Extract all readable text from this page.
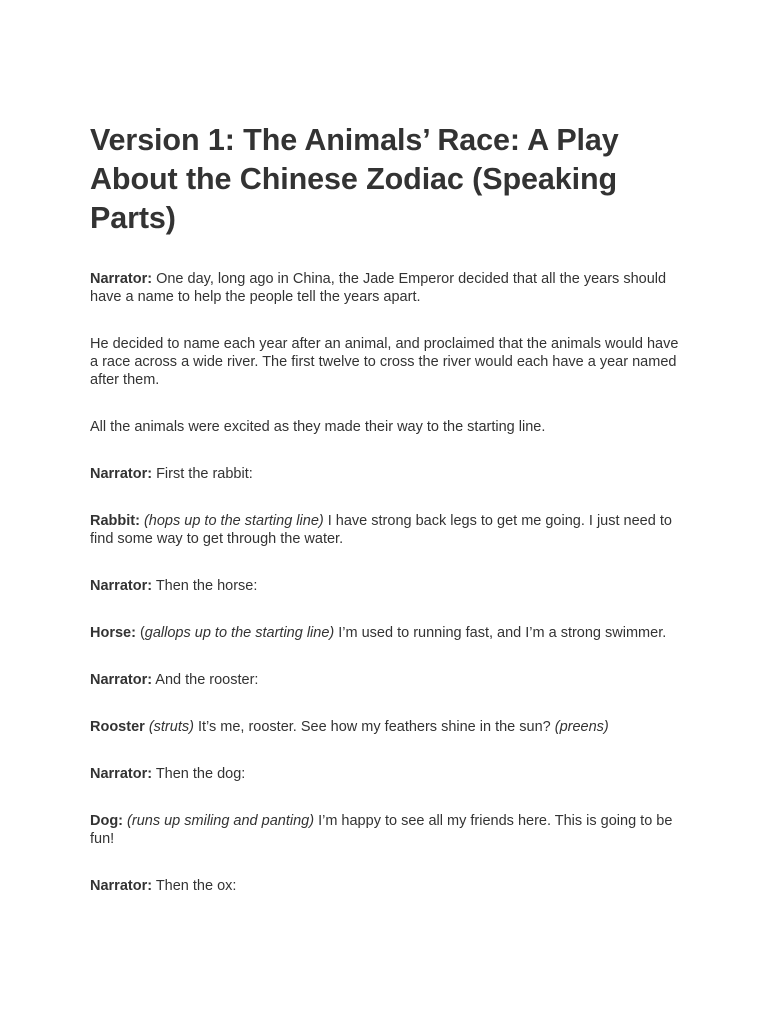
Version 1: The Animals’ Race: A Play About the Chinese Zodiac (Speaking Parts)

Narrator: One day, long ago in China, the Jade Emperor decided that all the years should have a name to help the people tell the years apart.

He decided to name each year after an animal, and proclaimed that the animals would have a race across a wide river. The first twelve to cross the river would each have a year named after them.

All the animals were excited as they made their way to the starting line.

Narrator: First the rabbit:

Rabbit: (hops up to the starting line) I have strong back legs to get me going. I just need to find some way to get through the water.

Narrator: Then the horse:

Horse: (gallops up to the starting line) I’m used to running fast, and I’m a strong swimmer.

Narrator: And the rooster:

Rooster (struts) It’s me, rooster. See how my feathers shine in the sun? (preens)

Narrator: Then the dog:

Dog: (runs up smiling and panting) I’m happy to see all my friends here. This is going to be fun!

Narrator: Then the ox:
